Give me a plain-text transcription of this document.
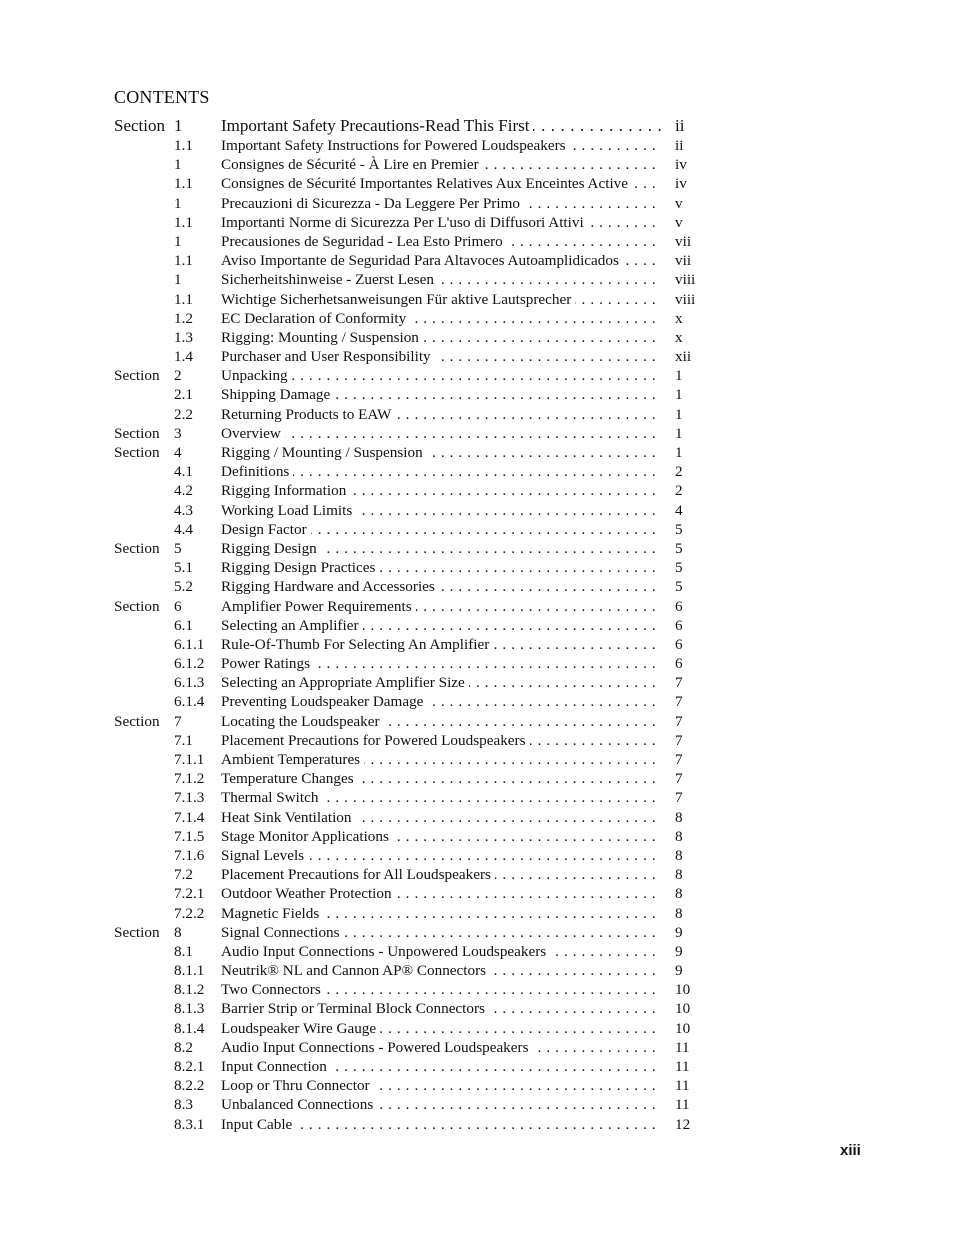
CONTENTS
Section 1	Important Safety Precautions-Read This First . . .	ii
1.1	Important Safety Instructions for Powered Loudspeakers . . .	ii
1	Consignes de Sécurité - À Lire en Premier . . .	iv
1.1	Consignes de Sécurité Importantes Relatives Aux Enceintes Active . . .	iv
1	Precauzioni di Sicurezza - Da Leggere Per Primo . . .	v
1.1	Importanti Norme di Sicurezza Per L'uso di Diffusori Attivi . . .	v
1	Precausiones de Seguridad - Lea Esto Primero . . .	vii
1.1	Aviso Importante de Seguridad Para Altavoces Autoamplidicados . . .	vii
1	Sicherheitshinweise - Zuerst Lesen . . .	viii
1.1	Wichtige Sicherhetsanweisungen Für aktive Lautsprecher . . .	viii
1.2	EC Declaration of Conformity . . .	x
1.3	Rigging: Mounting / Suspension . . .	x
1.4	Purchaser and User Responsibility . . .	xii
Section 2	Unpacking . . .	1
2.1	Shipping Damage . . .	1
2.2	Returning Products to EAW . . .	1
Section 3	Overview . . .	1
Section 4	Rigging / Mounting / Suspension . . .	1
4.1	Definitions . . .	2
4.2	Rigging Information . . .	2
4.3	Working Load Limits . . .	4
4.4	Design Factor . . .	5
Section 5	Rigging Design . . .	5
5.1	Rigging Design Practices . . .	5
5.2	Rigging Hardware and Accessories . . .	5
Section 6	Amplifier Power Requirements . . .	6
6.1	Selecting an Amplifier . . .	6
6.1.1	Rule-Of-Thumb For Selecting An Amplifier . . .	6
6.1.2	Power Ratings . . .	6
6.1.3	Selecting an Appropriate Amplifier Size . . .	7
6.1.4	Preventing Loudspeaker Damage . . .	7
Section 7	Locating the Loudspeaker . . .	7
7.1	Placement Precautions for Powered Loudspeakers . . .	7
7.1.1	Ambient Temperatures . . .	7
7.1.2	Temperature Changes . . .	7
7.1.3	Thermal Switch . . .	7
7.1.4	Heat Sink Ventilation . . .	8
7.1.5	Stage Monitor Applications . . .	8
7.1.6	Signal Levels . . .	8
7.2	Placement Precautions for All Loudspeakers . . .	8
7.2.1	Outdoor Weather Protection . . .	8
7.2.2	Magnetic Fields . . .	8
Section 8	Signal Connections . . .	9
8.1	Audio Input Connections - Unpowered Loudspeakers . . .	9
8.1.1	Neutrik® NL and Cannon AP® Connectors . . .	9
8.1.2	Two Connectors . . .	10
8.1.3	Barrier Strip or Terminal Block Connectors . . .	10
8.1.4	Loudspeaker Wire Gauge . . .	10
8.2	Audio Input Connections - Powered Loudspeakers . . .	11
8.2.1	Input Connection . . .	11
8.2.2	Loop or Thru Connector . . .	11
8.3	Unbalanced Connections . . .	11
8.3.1	Input Cable . . .	12
xiii
